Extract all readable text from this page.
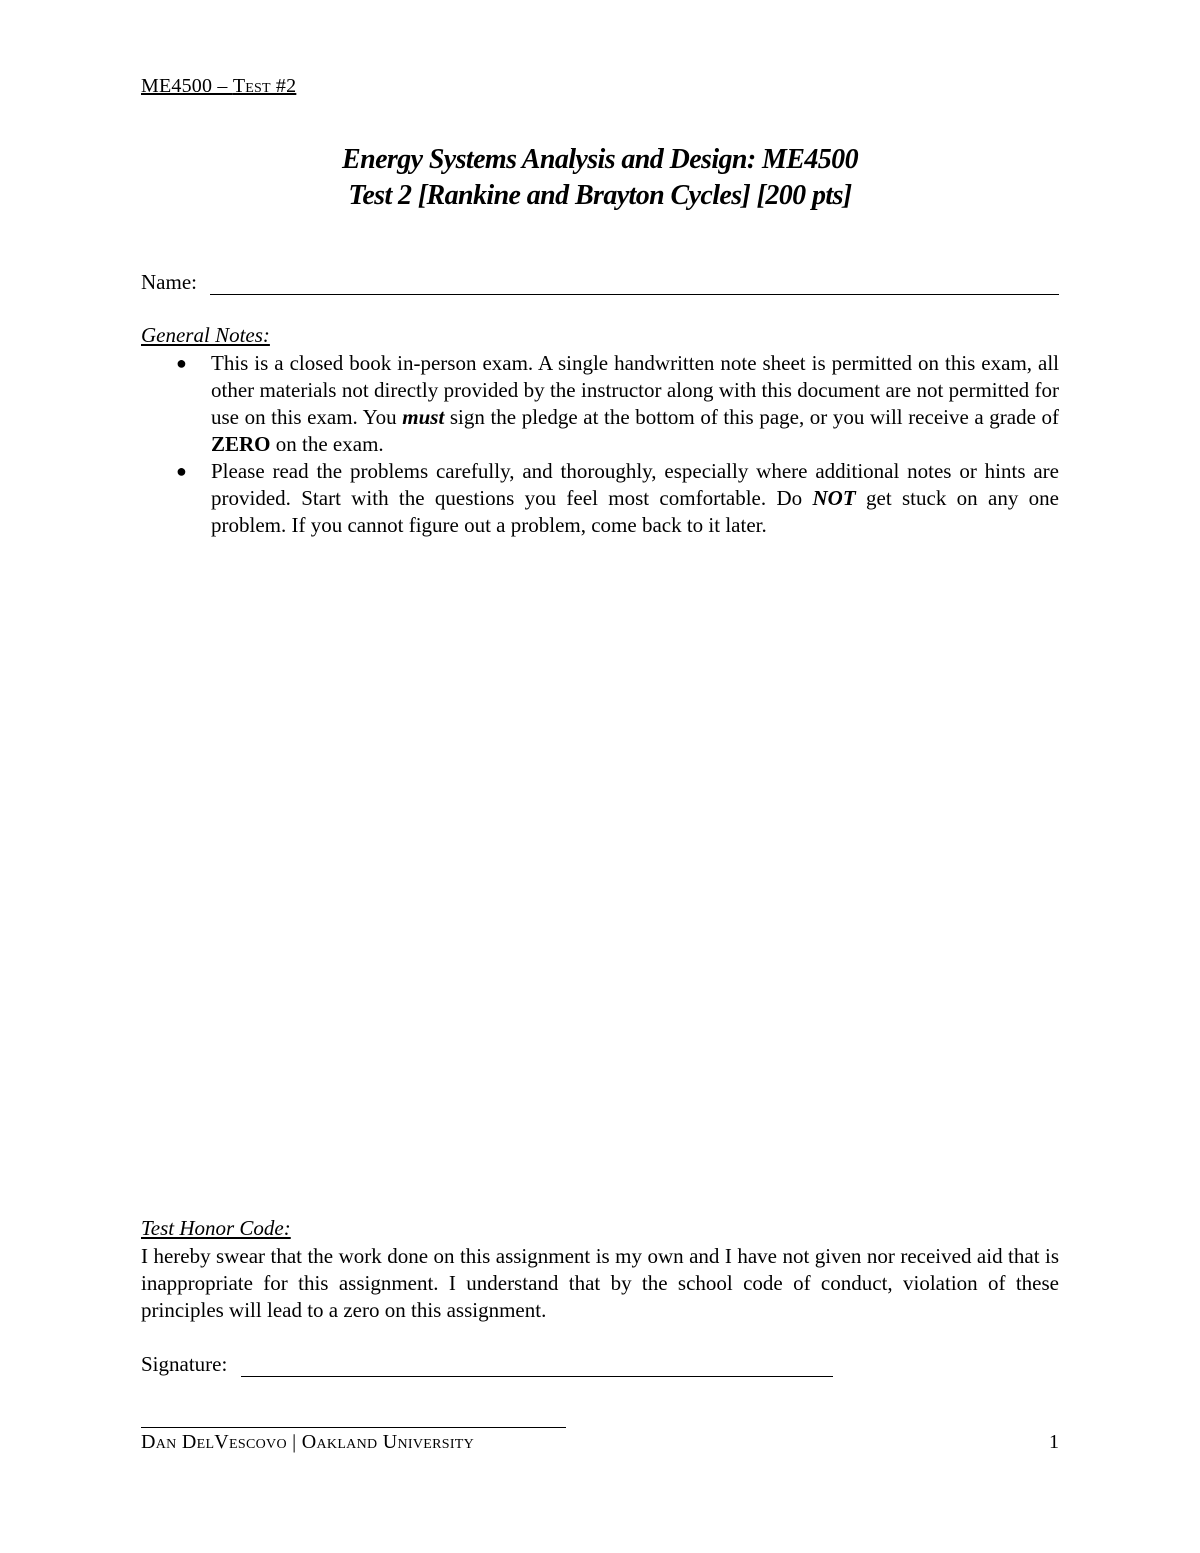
ME4500 – Test #2
Energy Systems Analysis and Design: ME4500
Test 2 [Rankine and Brayton Cycles] [200 pts]
Name:
General Notes:
● This is a closed book in-person exam. A single handwritten note sheet is permitted on this exam, all other materials not directly provided by the instructor along with this document are not permitted for use on this exam. You must sign the pledge at the bottom of this page, or you will receive a grade of ZERO on the exam.
● Please read the problems carefully, and thoroughly, especially where additional notes or hints are provided. Start with the questions you feel most comfortable. Do NOT get stuck on any one problem. If you cannot figure out a problem, come back to it later.
Test Honor Code:
I hereby swear that the work done on this assignment is my own and I have not given nor received aid that is inappropriate for this assignment. I understand that by the school code of conduct, violation of these principles will lead to a zero on this assignment.
Signature:
Dan DelVescovo | Oakland University	1
